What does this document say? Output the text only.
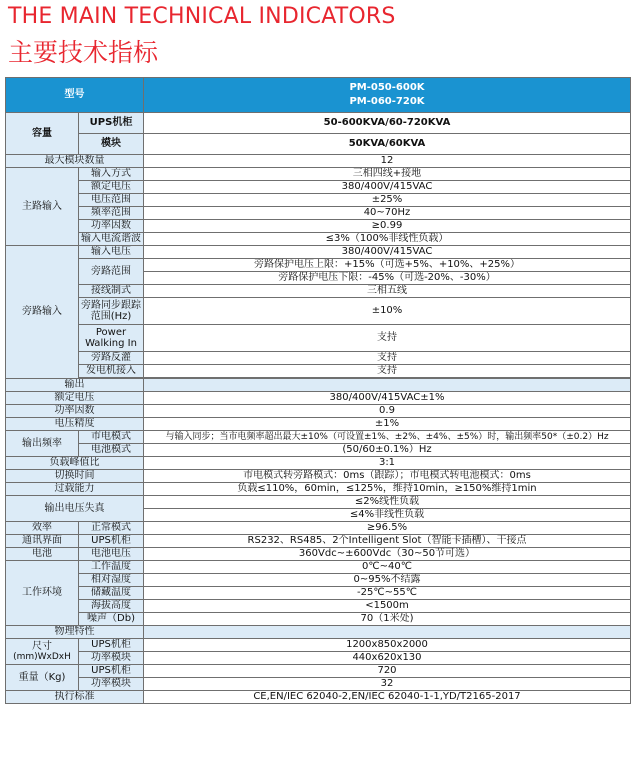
THE MAIN TECHNICAL INDICATORS
主要技术指标
型号		PM-050-600K
PM-060-720K

容量	UPS机柜	50-600KVA/60-720KVA
	模块	50KVA/60KVA
最大模块数量		12
主路输入	输入方式	三相四线+接地
	额定电压	380/400V/415VAC
	电压范围	±25%
	频率范围	40~70Hz
	功率因数	≥0.99
	输入电流谐波	≤3%（100%非线性负载）
旁路输入	输入电压	380/400V/415VAC
	旁路范围	旁路保护电压上限：+15%（可选+5%、+10%、+25%）
		旁路保护电压下限：-45%（可选-20%、-30%）
	接线制式	三相五线
	旁路同步跟踪范围(Hz)	±10%
	Power Walking In	支持
	旁路反灌	支持
	发电机接入	支持

输出		
额定电压		380/400V/415VAC±1%
功率因数		0.9
电压精度		±1%
输出频率	市电模式	与输入同步；当市电频率超出最大±10%（可设置±1%、±2%、±4%、±5%）时，输出频率50*（±0.2）Hz
	电池模式	(50/60±0.1%）Hz
负载峰值比		3:1
切换时间		市电模式转旁路模式：0ms（跟踪）；市电模式转电池模式：0ms
过载能力		负载≤110%，60min，≤125%，维持10min，≥150%维持1min
输出电压失真		≤2%线性负载
		≤4%非线性负载
效率	正常模式	≥96.5%
通讯界面	UPS机柜	RS232、RS485、2个Intelligent Slot（智能卡插槽）、干接点
电池	电池电压	360Vdc~±600Vdc（30~50节可选）
工作环境	工作温度	0℃~40℃
	相对湿度	0~95%不结露
	储藏温度	-25℃~55℃
	海拔高度	<1500m
	噪声（Db)	70（1米处)
物理特性		

尺寸
(mm)WxDxH	UPS机柜	1200x850x2000
	功率模块	440x620x130
重量（Kg)	UPS机柜	720
	功率模块	32
执行标准		CE,EN/IEC 62040-2,EN/IEC 62040-1-1,YD/T2165-2017
